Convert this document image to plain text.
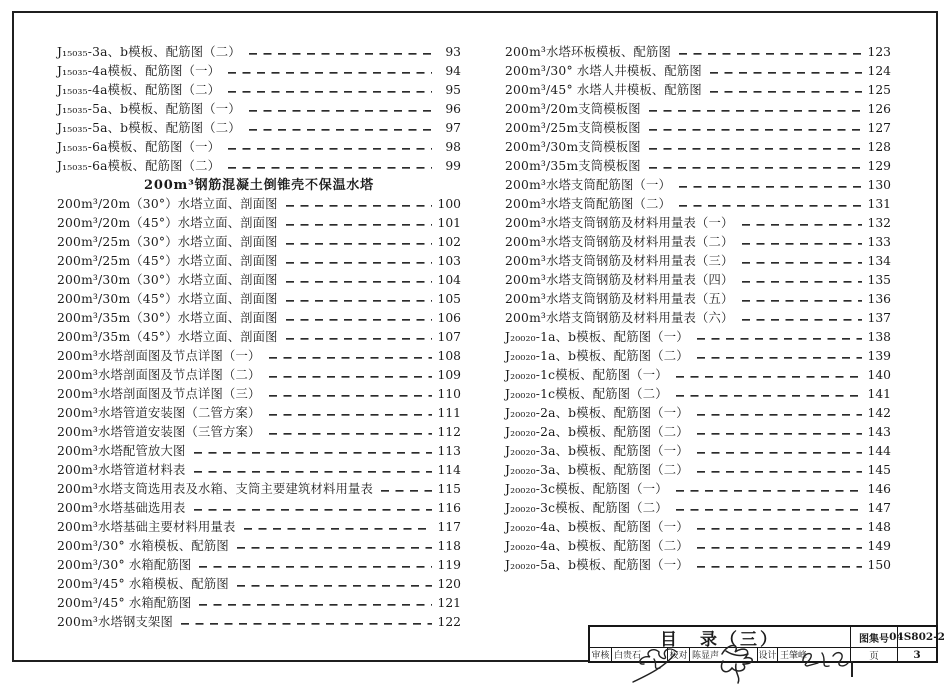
J₁₅₀₃₅-3a、b模板、配筋图（二）	93
J₁₅₀₃₅-4a模板、配筋图（一）	94
J₁₅₀₃₅-4a模板、配筋图（二）	95
J₁₅₀₃₅-5a、b模板、配筋图（一）	96
J₁₅₀₃₅-5a、b模板、配筋图（二）	97
J₁₅₀₃₅-6a模板、配筋图（一）	98
J₁₅₀₃₅-6a模板、配筋图（二）	99
200m³钢筋混凝土倒锥壳不保温水塔
200m³/20m（30°）水塔立面、剖面图	100
200m³/20m（45°）水塔立面、剖面图	101
200m³/25m（30°）水塔立面、剖面图	102
200m³/25m（45°）水塔立面、剖面图	103
200m³/30m（30°）水塔立面、剖面图	104
200m³/30m（45°）水塔立面、剖面图	105
200m³/35m（30°）水塔立面、剖面图	106
200m³/35m（45°）水塔立面、剖面图	107
200m³水塔剖面图及节点详图（一）	108
200m³水塔剖面图及节点详图（二）	109
200m³水塔剖面图及节点详图（三）	110
200m³水塔管道安装图（二管方案）	111
200m³水塔管道安装图（三管方案）	112
200m³水塔配管放大图	113
200m³水塔管道材料表	114
200m³水塔支筒选用表及水箱、支筒主要建筑材料用量表	115
200m³水塔基础选用表	116
200m³水塔基础主要材料用量表	117
200m³/30° 水箱模板、配筋图	118
200m³/30° 水箱配筋图	119
200m³/45° 水箱模板、配筋图	120
200m³/45° 水箱配筋图	121
200m³水塔钢支架图	122
200m³水塔环板模板、配筋图	123
200m³/30° 水塔人井模板、配筋图	124
200m³/45° 水塔人井模板、配筋图	125
200m³/20m支筒模板图	126
200m³/25m支筒模板图	127
200m³/30m支筒模板图	128
200m³/35m支筒模板图	129
200m³水塔支筒配筋图（一）	130
200m³水塔支筒配筋图（二）	131
200m³水塔支筒钢筋及材料用量表（一）	132
200m³水塔支筒钢筋及材料用量表（二）	133
200m³水塔支筒钢筋及材料用量表（三）	134
200m³水塔支筒钢筋及材料用量表（四）	135
200m³水塔支筒钢筋及材料用量表（五）	136
200m³水塔支筒钢筋及材料用量表（六）	137
J₂₀₀₂₀-1a、b模板、配筋图（一）	138
J₂₀₀₂₀-1a、b模板、配筋图（二）	139
J₂₀₀₂₀-1c模板、配筋图（一）	140
J₂₀₀₂₀-1c模板、配筋图（二）	141
J₂₀₀₂₀-2a、b模板、配筋图（一）	142
J₂₀₀₂₀-2a、b模板、配筋图（二）	143
J₂₀₀₂₀-3a、b模板、配筋图（一）	144
J₂₀₀₂₀-3a、b模板、配筋图（二）	145
J₂₀₀₂₀-3c模板、配筋图（一）	146
J₂₀₀₂₀-3c模板、配筋图（二）	147
J₂₀₀₂₀-4a、b模板、配筋图（一）	148
J₂₀₀₂₀-4a、b模板、配筋图（二）	149
J₂₀₀₂₀-5a、b模板、配筋图（一）	150
目　录（三）	图集号 04S802-2
审核 白贵石	校对 陈显声	设计 王肇峰	页	3
